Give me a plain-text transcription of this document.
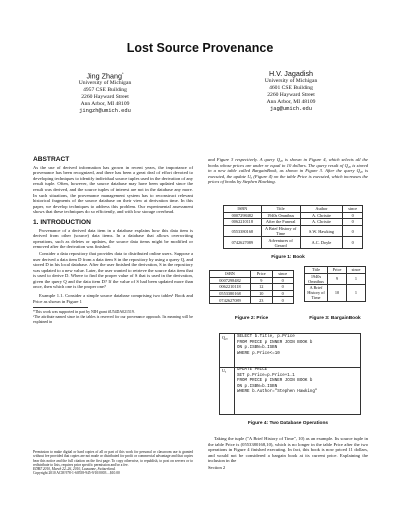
Lost Source Provenance
Jing Zhang*
University of Michigan
4957 CSE Building
2260 Hayward Street
Ann Arbor, MI 48109
jingzh@umich.edu
H.V. Jagadish
University of Michigan
4601 CSE Building
2260 Hayward Street
Ann Arbor, MI 48109
jag@umich.edu
ABSTRACT

As the use of derived information has grown in recent years, the importance of provenance has been recognized, and there has been a great deal of effort devoted to developing techniques to identify individual source tuples used in the derivation of any result tuple. Often, however, the source database may have been updated since the result was derived, and the source tuples of interest are not in the database any more. In such situations, the provenance management system has to reconstruct relevant historical fragments of the source database on their view at derivation time. In this paper, we develop techniques to address this problem. Our experimental assessment shows that these techniques do so efficiently, and with low storage overhead.

1. INTRODUCTION

Provenance of a derived data item in a database explains how this data item is derived from other (source) data items. In a database that allows overwriting operations, such as deletes or updates, the source data items might be modified or removed after the derivation was finished.

Consider a data repository that provides data to distributed online users. Suppose a user derived a data item D from a data item S in the repository by using a query Q, and stored D in his local database. After the user finished the derivation, S in the repository was updated to a new value. Later, the user wanted to retrieve the source data item that is used to derive D. Where to find the proper value of S that is used in the derivation, given the query Q and the data item D? If the value of S had been updated more than once, then which one is the proper one?

Example 1.1. Consider a simple source database comprising two tables¹ Book and Price as shown in Figure 1

*This work was supported in part by NIH grant #U54DA021519.
¹The attribute named since in the tables is reserved for our provenance approach. Its meaning will be explained in
Permission to make digital or hard copies of all or part of this work for personal or classroom use is granted without fee provided that copies are not made or distributed for profit or commercial advantage and that copies bear this notice and the full citation on the first page. To copy otherwise, to republish, to post on servers or to redistribute to lists, requires prior specific permission and/or a fee.
EDBT 2010, March 22–26, 2010, Lausanne, Switzerland.
Copyright 2010 ACM 978-1-60558-945-9/10/0003 ...$10.00
and Figure 3 respectively. A query Q₂ₐ is shown in Figure 4, which selects all the books whose prices are under or equal to 10 dollars. The query result of Q₂ₐ is stored in a new table called BargainBook, as shown in Figure 3. After the query Q₂ₐ is executed, the update Uₐ (Figure 4) on the table Price is executed, which increases the prices of books by Stephen Hawking.
ISBN	Title	Author	since
0007298482	1940s Omnibus	A. Christie	0
0062210118	After the Funeral	A. Christie	0
0553380168	A Brief History of Time	S.W. Hawking	0
0742627089	Adventures of Gerard	A.C. Doyle	0
Figure 1: Book
ISBN	Price	since
0007298482	9	0
0062210118	12	0
0553380168	10	0
0742627089	23	0
Figure 2: Price
Title	Price	since
1940s Omnibus	9	1
A Brief History of Time	10	1
Figure 3: BargainBook
Q₂ₐ SELECT b.Title, p.Price
FROM PRICE p INNER JOIN BOOK b
ON p.ISBN=b.ISBN
WHERE p.Price<=10
Uₐ	UPDATE PRICE
SET p.Price=p.Price+1.1
FROM PRICE p INNER JOIN BOOK b
ON p.ISBN=b.ISBN
WHERE b.Author="Stephen Hawking"
Figure 4: Two Database Operations

Taking the tuple ("A Brief History of Time", 10) as an example. Its source tuple in the table Price is (0553380168,10), which is no longer in the table Price after the two operations in Figure 4 finished executing. In fact, this book is now priced 11 dollars, and would not be considered a bargain book at its current price. Explaining the inclusion in the

Section 2
